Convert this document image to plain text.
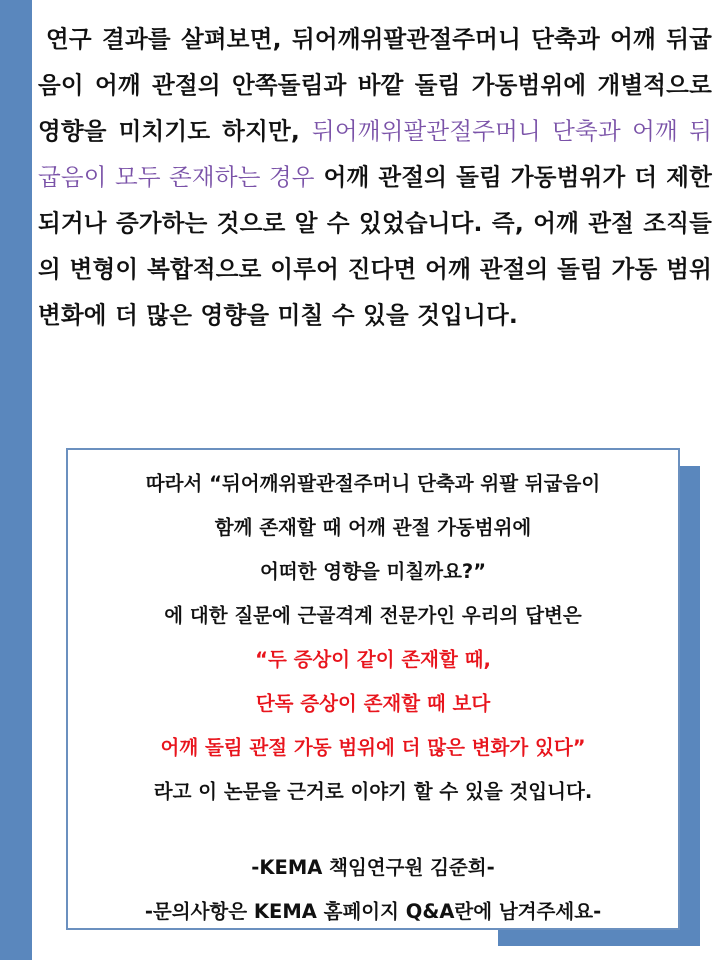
연구 결과를 살펴보면, 뒤어깨위팔관절주머니 단축과 어깨 뒤굽음이 어깨 관절의 안쪽돌림과 바깥 돌림 가동범위에 개별적으로 영향을 미치기도 하지만, 뒤어깨위팔관절주머니 단축과 어깨 뒤굽음이 모두 존재하는 경우 어깨 관절의 돌림 가동범위가 더 제한되거나 증가하는 것으로 알 수 있었습니다. 즉, 어깨 관절 조직들의 변형이 복합적으로 이루어 진다면 어깨 관절의 돌림 가동 범위 변화에 더 많은 영향을 미칠 수 있을 것입니다.
따라서 “뒤어깨위팔관절주머니 단축과 위팔 뒤굽음이
함께 존재할 때 어깨 관절 가동범위에
어떠한 영향을 미칠까요?”
에 대한 질문에 근골격계 전문가인 우리의 답변은
“두 증상이 같이 존재할 때,
단독 증상이 존재할 때 보다
어깨 돌림 관절 가동 범위에 더 많은 변화가 있다”
라고 이 논문을 근거로 이야기 할 수 있을 것입니다.
-KEMA 책임연구원 김준희-
-문의사항은 KEMA 홈페이지 Q&A란에 남겨주세요-
